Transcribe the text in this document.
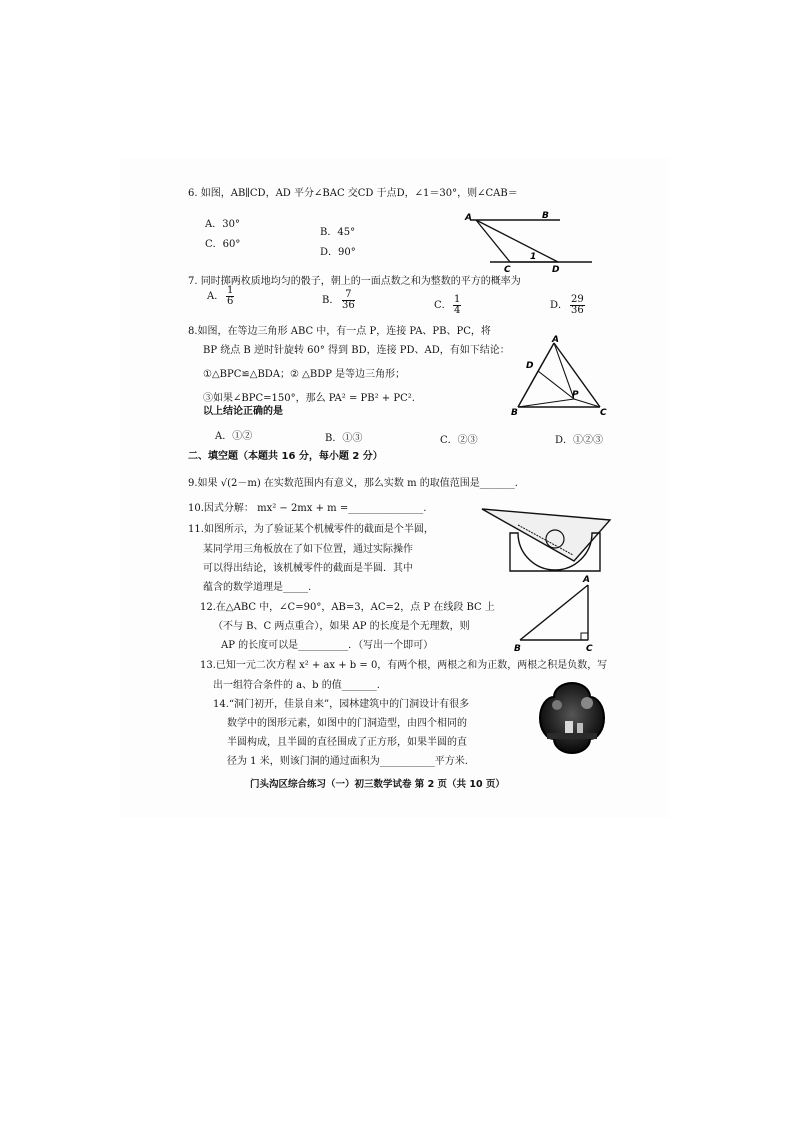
6. 如图，AB∥CD，AD 平分∠BAC 交CD 于点D，∠1＝30°，则∠CAB＝
A．30°
B．45°
C．60°
D．90°
A	B
1
C	D
7. 同时掷两枚质地均匀的骰子，朝上的一面点数之和为整数的平方的概率为
A． $\frac{1}{6}$	B． $\frac{7}{36}$	C． $\frac{1}{4}$	D． $\frac{29}{36}$
8.如图，在等边三角形 ABC 中，有一点 P，连接 PA、PB、PC，将
BP 绕点 B 逆时针旋转 60° 得到 BD，连接 PD、AD，有如下结论：
①△BPC≌△BDA；② △BDP 是等边三角形；
③如果∠BPC=150°，那么 PA² = PB² + PC².
以上结论正确的是
A．①②	B．①③	C．②③	D．①②③
A
D
P
B	C
二、填空题（本题共 16 分，每小题 2 分）
9.如果 √(2－m) 在实数范围内有意义，那么实数 m 的取值范围是_______.
10.因式分解： mx² − 2mx + m =_______________.
11.如图所示，为了验证某个机械零件的截面是个半圆，
某同学用三角板放在了如下位置，通过实际操作
可以得出结论，该机械零件的截面是半圆．其中
蕴含的数学道理是_____.
12.在△ABC 中，∠C=90°，AB=3，AC=2，点 P 在线段 BC 上
（不与 B、C 两点重合），如果 AP 的长度是个无理数，则
AP 的长度可以是__________．（写出一个即可）
A
B	C
13.已知一元二次方程 x² + ax + b = 0，有两个根，两根之和为正数，两根之积是负数，写
出一组符合条件的 a、b 的值_______.
14.“洞门初开，佳景自来”，园林建筑中的门洞设计有很多
数学中的图形元素，如图中的门洞造型，由四个相同的
半圆构成，且半圆的直径围成了正方形，如果半圆的直
径为 1 米，则该门洞的通过面积为___________平方米.
门头沟区综合练习（一）初三数学试卷 第 2 页（共 10 页）
